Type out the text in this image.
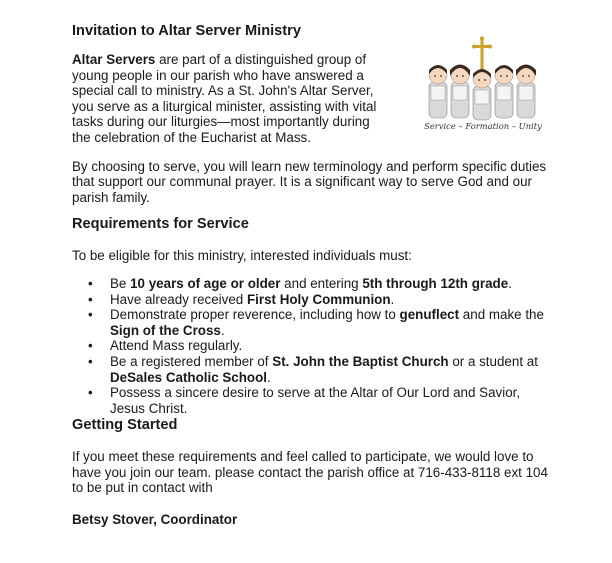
Invitation to Altar Server Ministry

Altar Servers are part of a distinguished group of young people in our parish who have answered a special call to ministry. As a St. John's Altar Server, you serve as a liturgical minister, assisting with vital tasks during our liturgies—most importantly during the celebration of the Eucharist at Mass.

By choosing to serve, you will learn new terminology and perform specific duties that support our communal prayer. It is a significant way to serve God and our parish family.

Requirements for Service

To be eligible for this ministry, interested individuals must:

• Be 10 years of age or older and entering 5th through 12th grade.
• Have already received First Holy Communion.
• Demonstrate proper reverence, including how to genuflect and make the Sign of the Cross.
• Attend Mass regularly.
• Be a registered member of St. John the Baptist Church or a student at DeSales Catholic School.
• Possess a sincere desire to serve at the Altar of Our Lord and Savior, Jesus Christ.
Getting Started

If you meet these requirements and feel called to participate, we would love to have you join our team. please contact the parish office at 716-433-8118 ext 104 to be put in contact with

Betsy Stover, Coordinator

Service – Formation – Unity
